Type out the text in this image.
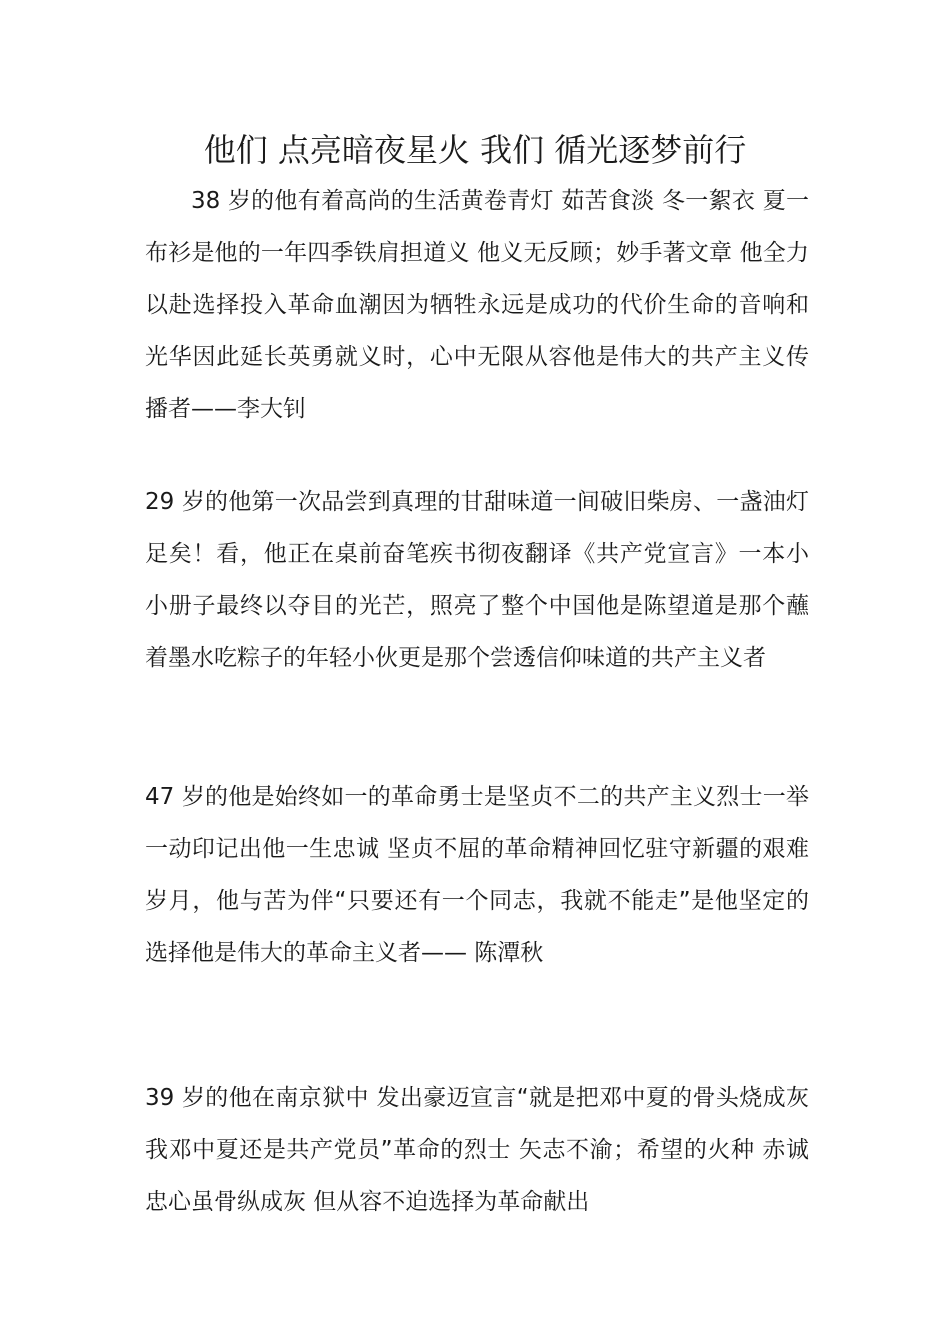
他们 点亮暗夜星火 我们 循光逐梦前行

38 岁的他有着高尚的生活黄卷青灯 茹苦食淡 冬一絮衣 夏一布衫是他的一年四季铁肩担道义 他义无反顾；妙手著文章 他全力以赴选择投入革命血潮因为牺牲永远是成功的代价生命的音响和光华因此延长英勇就义时，心中无限从容他是伟大的共产主义传播者——李大钊

29 岁的他第一次品尝到真理的甘甜味道一间破旧柴房、一盏油灯足矣！看，他正在桌前奋笔疾书彻夜翻译《共产党宣言》一本小小册子最终以夺目的光芒，照亮了整个中国他是陈望道是那个蘸着墨水吃粽子的年轻小伙更是那个尝透信仰味道的共产主义者

47 岁的他是始终如一的革命勇士是坚贞不二的共产主义烈士一举一动印记出他一生忠诚 坚贞不屈的革命精神回忆驻守新疆的艰难岁月，他与苦为伴“只要还有一个同志，我就不能走”是他坚定的选择他是伟大的革命主义者—— 陈潭秋

39 岁的他在南京狱中 发出豪迈宣言“就是把邓中夏的骨头烧成灰我邓中夏还是共产党员”革命的烈士 矢志不渝；希望的火种 赤诚忠心虽骨纵成灰 但从容不迫选择为革命献出
